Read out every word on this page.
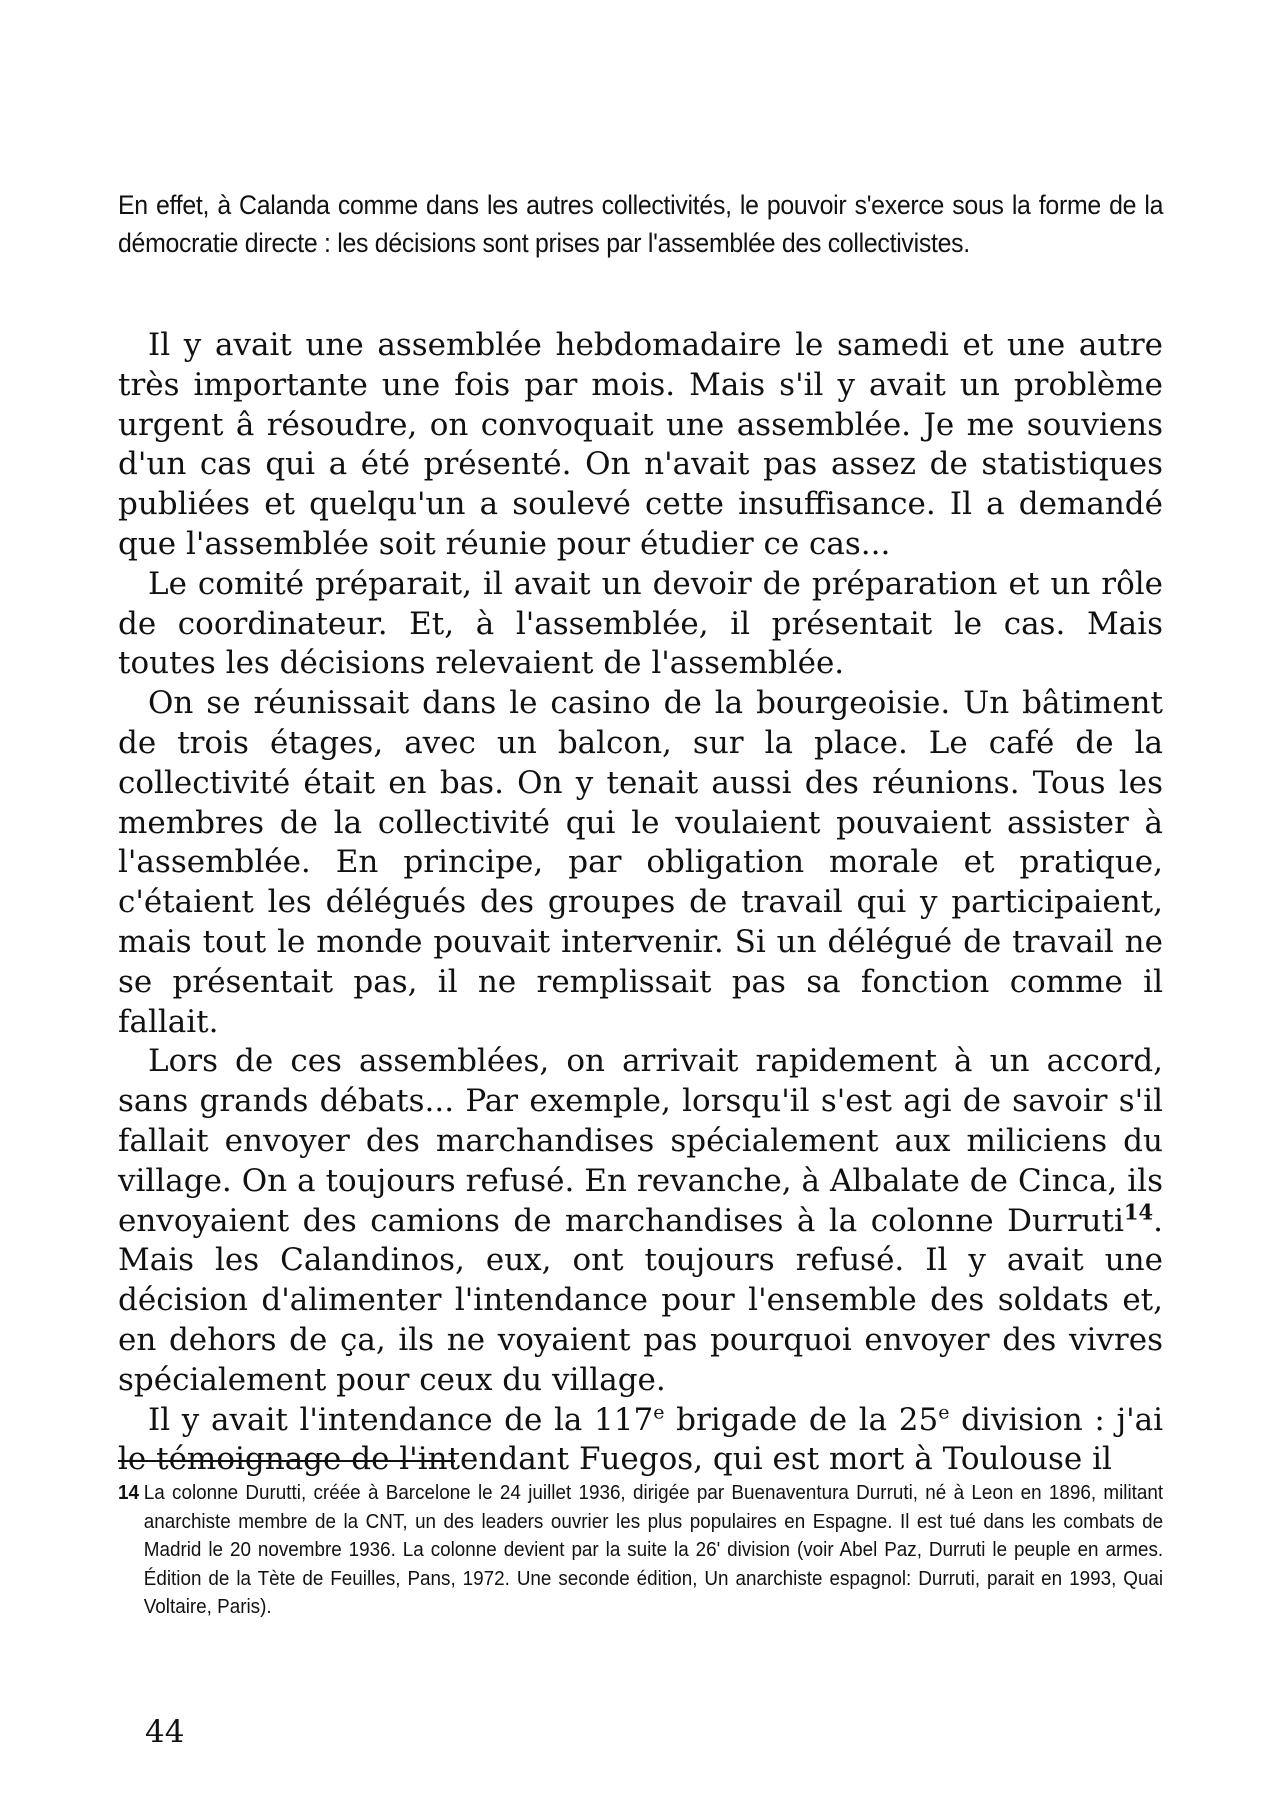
En effet, à Calanda comme dans les autres collectivités, le pouvoir s'exerce sous la forme de la démocratie directe : les décisions sont prises par l'assemblée des collectivistes.

Il y avait une assemblée hebdomadaire le samedi et une autre très importante une fois par mois. Mais s'il y avait un problème urgent â résoudre, on convoquait une assemblée. Je me souviens d'un cas qui a été présenté. On n'avait pas assez de statistiques publiées et quelqu'un a soulevé cette insuffisance. Il a demandé que l'assemblée soit réunie pour étudier ce cas...

Le comité préparait, il avait un devoir de préparation et un rôle de coordinateur. Et, à l'assemblée, il présentait le cas. Mais toutes les décisions relevaient de l'assemblée.

On se réunissait dans le casino de la bourgeoisie. Un bâtiment de trois étages, avec un balcon, sur la place. Le café de la collectivité était en bas. On y tenait aussi des réunions. Tous les membres de la collectivité qui le voulaient pouvaient assister à l'assemblée. En principe, par obligation morale et pratique, c'étaient les délégués des groupes de travail qui y participaient, mais tout le monde pouvait intervenir. Si un délégué de travail ne se présentait pas, il ne remplissait pas sa fonction comme il fallait.

Lors de ces assemblées, on arrivait rapidement à un accord, sans grands débats... Par exemple, lorsqu'il s'est agi de savoir s'il fallait envoyer des marchandises spécialement aux miliciens du village. On a toujours refusé. En revanche, à Albalate de Cinca, ils envoyaient des camions de marchandises à la colonne Durruti$^{14}$. Mais les Calandinos, eux, ont toujours refusé. Il y avait une décision d'alimenter l'intendance pour l'ensemble des soldats et, en dehors de ça, ils ne voyaient pas pourquoi envoyer des vivres spécialement pour ceux du village.

Il y avait l'intendance de la 117e brigade de la 25e division : j'ai le témoignage de l'intendant Fuegos, qui est mort à Toulouse il

14 La colonne Durutti, créée à Barcelone le 24 juillet 1936, dirigée par Buenaventura Durruti, né à Leon en 1896, militant anarchiste membre de la CNT, un des leaders ouvrier les plus populaires en Espagne. Il est tué dans les combats de Madrid le 20 novembre 1936. La colonne devient par la suite la 26' division (voir Abel Paz, Durruti le peuple en armes. Édition de la Tète de Feuilles, Pans, 1972. Une seconde édition, Un anarchiste espagnol: Durruti, parait en 1993, Quai Voltaire, Paris).

44
